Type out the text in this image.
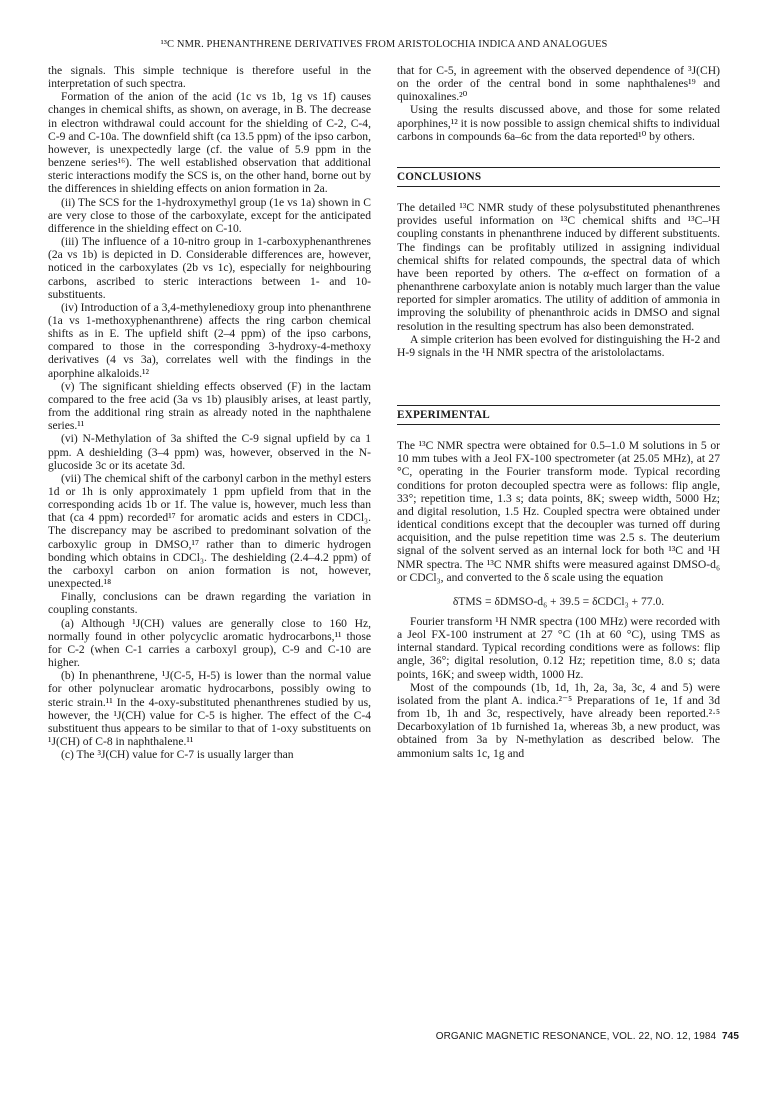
¹³C NMR. PHENANTHRENE DERIVATIVES FROM ARISTOLOCHIA INDICA AND ANALOGUES

the signals. This simple technique is therefore useful in the interpretation of such spectra.

Formation of the anion of the acid (1c vs 1b, 1g vs 1f) causes changes in chemical shifts, as shown, on average, in B. The decrease in electron withdrawal could account for the shielding of C-2, C-4, C-9 and C-10a. The downfield shift (ca 13.5 ppm) of the ipso carbon, however, is unexpectedly large (cf. the value of 5.9 ppm in the benzene series¹⁶). The well established observation that additional steric interactions modify the SCS is, on the other hand, borne out by the differences in shielding effects on anion formation in 2a.

(ii) The SCS for the 1-hydroxymethyl group (1e vs 1a) shown in C are very close to those of the carboxylate, except for the anticipated difference in the shielding effect on C-10.

(iii) The influence of a 10-nitro group in 1-carboxyphenanthrenes (2a vs 1b) is depicted in D. Considerable differences are, however, noticed in the carboxylates (2b vs 1c), especially for neighbouring carbons, ascribed to steric interactions between 1- and 10-substituents.

(iv) Introduction of a 3,4-methylenedioxy group into phenanthrene (1a vs 1-methoxyphenanthrene) affects the ring carbon chemical shifts as in E. The upfield shift (2–4 ppm) of the ipso carbons, compared to those in the corresponding 3-hydroxy-4-methoxy derivatives (4 vs 3a), correlates well with the findings in the aporphine alkaloids.¹²

(v) The significant shielding effects observed (F) in the lactam compared to the free acid (3a vs 1b) plausibly arises, at least partly, from the additional ring strain as already noted in the naphthalene series.¹¹

(vi) N-Methylation of 3a shifted the C-9 signal upfield by ca 1 ppm. A deshielding (3–4 ppm) was, however, observed in the N-glucoside 3c or its acetate 3d.

(vii) The chemical shift of the carbonyl carbon in the methyl esters 1d or 1h is only approximately 1 ppm upfield from that in the corresponding acids 1b or 1f. The value is, however, much less than that (ca 4 ppm) recorded¹⁷ for aromatic acids and esters in CDCl₃. The discrepancy may be ascribed to predominant solvation of the carboxylic group in DMSO,¹⁷ rather than to dimeric hydrogen bonding which obtains in CDCl₃. The deshielding (2.4–4.2 ppm) of the carboxyl carbon on anion formation is not, however, unexpected.¹⁸

Finally, conclusions can be drawn regarding the variation in coupling constants.

(a) Although ¹J(CH) values are generally close to 160 Hz, normally found in other polycyclic aromatic hydrocarbons,¹¹ those for C-2 (when C-1 carries a carboxyl group), C-9 and C-10 are higher.

(b) In phenanthrene, ¹J(C-5, H-5) is lower than the normal value for other polynuclear aromatic hydrocarbons, possibly owing to steric strain.¹¹ In the 4-oxy-substituted phenanthrenes studied by us, however, the ¹J(CH) value for C-5 is higher. The effect of the C-4 substituent thus appears to be similar to that of 1-oxy substituents on ¹J(CH) of C-8 in naphthalene.¹¹

(c) The ³J(CH) value for C-7 is usually larger than

that for C-5, in agreement with the observed dependence of ³J(CH) on the order of the central bond in some naphthalenes¹⁹ and quinoxalines.²⁰

Using the results discussed above, and those for some related aporphines,¹² it is now possible to assign chemical shifts to individual carbons in compounds 6a–6c from the data reported¹⁰ by others.

CONCLUSIONS

The detailed ¹³C NMR study of these polysubstituted phenanthrenes provides useful information on ¹³C chemical shifts and ¹³C–¹H coupling constants in phenanthrene induced by different substituents. The findings can be profitably utilized in assigning individual chemical shifts for related compounds, the spectral data of which have been reported by others. The α-effect on formation of a phenanthrene carboxylate anion is notably much larger than the value reported for simpler aromatics. The utility of addition of ammonia in improving the solubility of phenanthroic acids in DMSO and signal resolution in the resulting spectrum has also been demonstrated.

A simple criterion has been evolved for distinguishing the H-2 and H-9 signals in the ¹H NMR spectra of the aristololactams.

EXPERIMENTAL

The ¹³C NMR spectra were obtained for 0.5–1.0 M solutions in 5 or 10 mm tubes with a Jeol FX-100 spectrometer (at 25.05 MHz), at 27 °C, operating in the Fourier transform mode. Typical recording conditions for proton decoupled spectra were as follows: flip angle, 33°; repetition time, 1.3 s; data points, 8K; sweep width, 5000 Hz; and digital resolution, 1.5 Hz. Coupled spectra were obtained under identical conditions except that the decoupler was turned off during acquisition, and the pulse repetition time was 2.5 s. The deuterium signal of the solvent served as an internal lock for both ¹³C and ¹H NMR spectra. The ¹³C NMR shifts were measured against DMSO-d₆ or CDCl₃, and converted to the δ scale using the equation

δTMS = δDMSO-d₆ + 39.5 = δCDCl₃ + 77.0.

Fourier transform ¹H NMR spectra (100 MHz) were recorded with a Jeol FX-100 instrument at 27 °C (1h at 60 °C), using TMS as internal standard. Typical recording conditions were as follows: flip angle, 36°; digital resolution, 0.12 Hz; repetition time, 8.0 s; data points, 16K; and sweep width, 1000 Hz.

Most of the compounds (1b, 1d, 1h, 2a, 3a, 3c, 4 and 5) were isolated from the plant A. indica.²⁻⁵ Preparations of 1e, 1f and 3d from 1b, 1h and 3c, respectively, have already been reported.²·⁵ Decarboxylation of 1b furnished 1a, whereas 3b, a new product, was obtained from 3a by N-methylation as described below. The ammonium salts 1c, 1g and

ORGANIC MAGNETIC RESONANCE, VOL. 22, NO. 12, 1984 745
